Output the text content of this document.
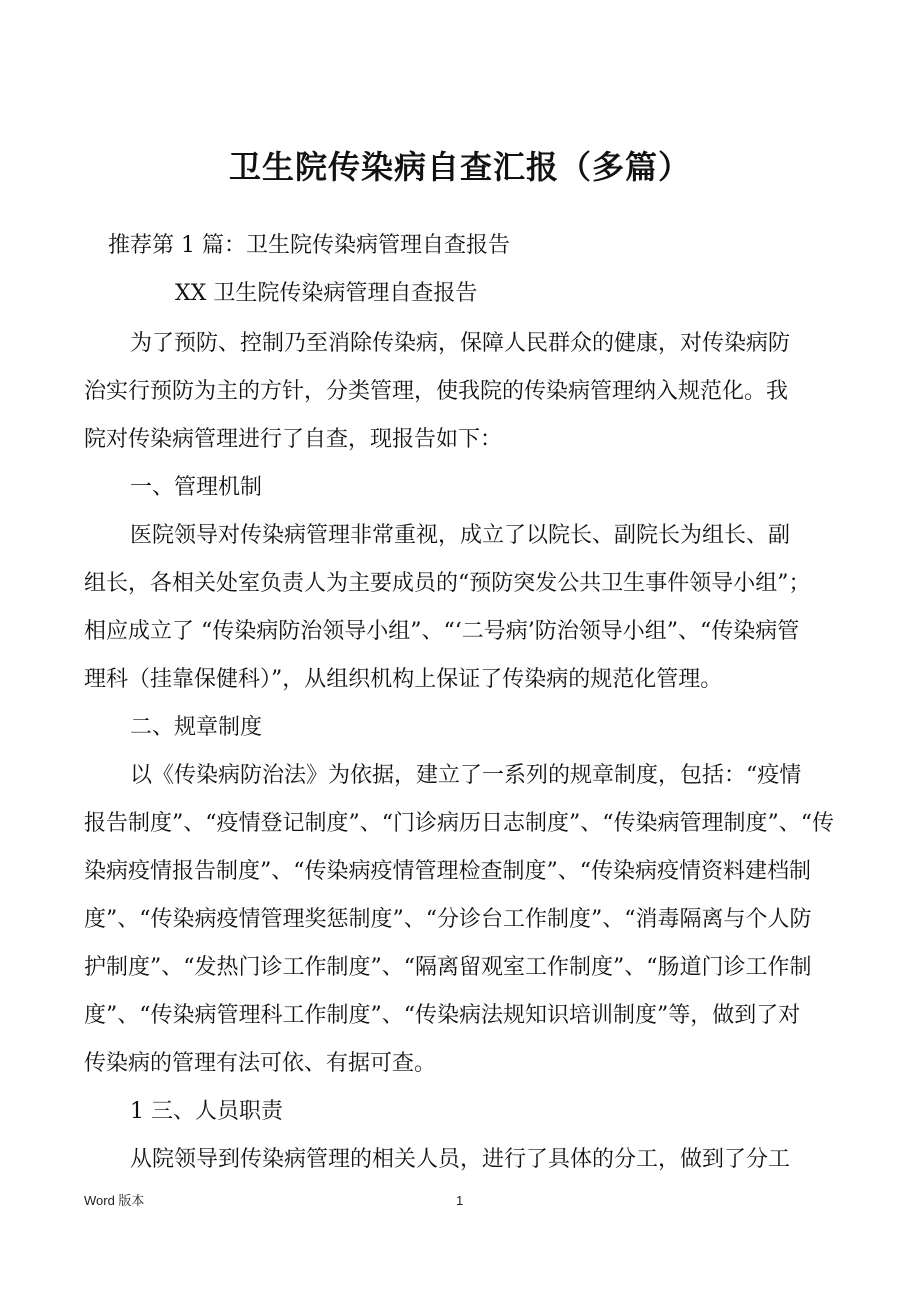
卫生院传染病自查汇报（多篇）
推荐第 1 篇：卫生院传染病管理自查报告
XX 卫生院传染病管理自查报告
为了预防、控制乃至消除传染病，保障人民群众的健康，对传染病防
治实行预防为主的方针，分类管理，使我院的传染病管理纳入规范化。我
院对传染病管理进行了自查，现报告如下：
一、管理机制
医院领导对传染病管理非常重视，成立了以院长、副院长为组长、副
组长，各相关处室负责人为主要成员的“预防突发公共卫生事件领导小组”；
相应成立了 “传染病防治领导小组”、“‘二号病’防治领导小组”、“传染病管
理科（挂靠保健科）”，从组织机构上保证了传染病的规范化管理。
二、规章制度
以《传染病防治法》为依据，建立了一系列的规章制度，包括：“疫情
报告制度”、“疫情登记制度”、“门诊病历日志制度”、“传染病管理制度”、“传
染病疫情报告制度”、“传染病疫情管理检查制度”、“传染病疫情资料建档制
度”、“传染病疫情管理奖惩制度”、“分诊台工作制度”、“消毒隔离与个人防
护制度”、“发热门诊工作制度”、“隔离留观室工作制度”、“肠道门诊工作制
度”、“传染病管理科工作制度”、“传染病法规知识培训制度”等，做到了对
传染病的管理有法可依、有据可查。
1 三、人员职责
从院领导到传染病管理的相关人员，进行了具体的分工，做到了分工
Word 版本	1
